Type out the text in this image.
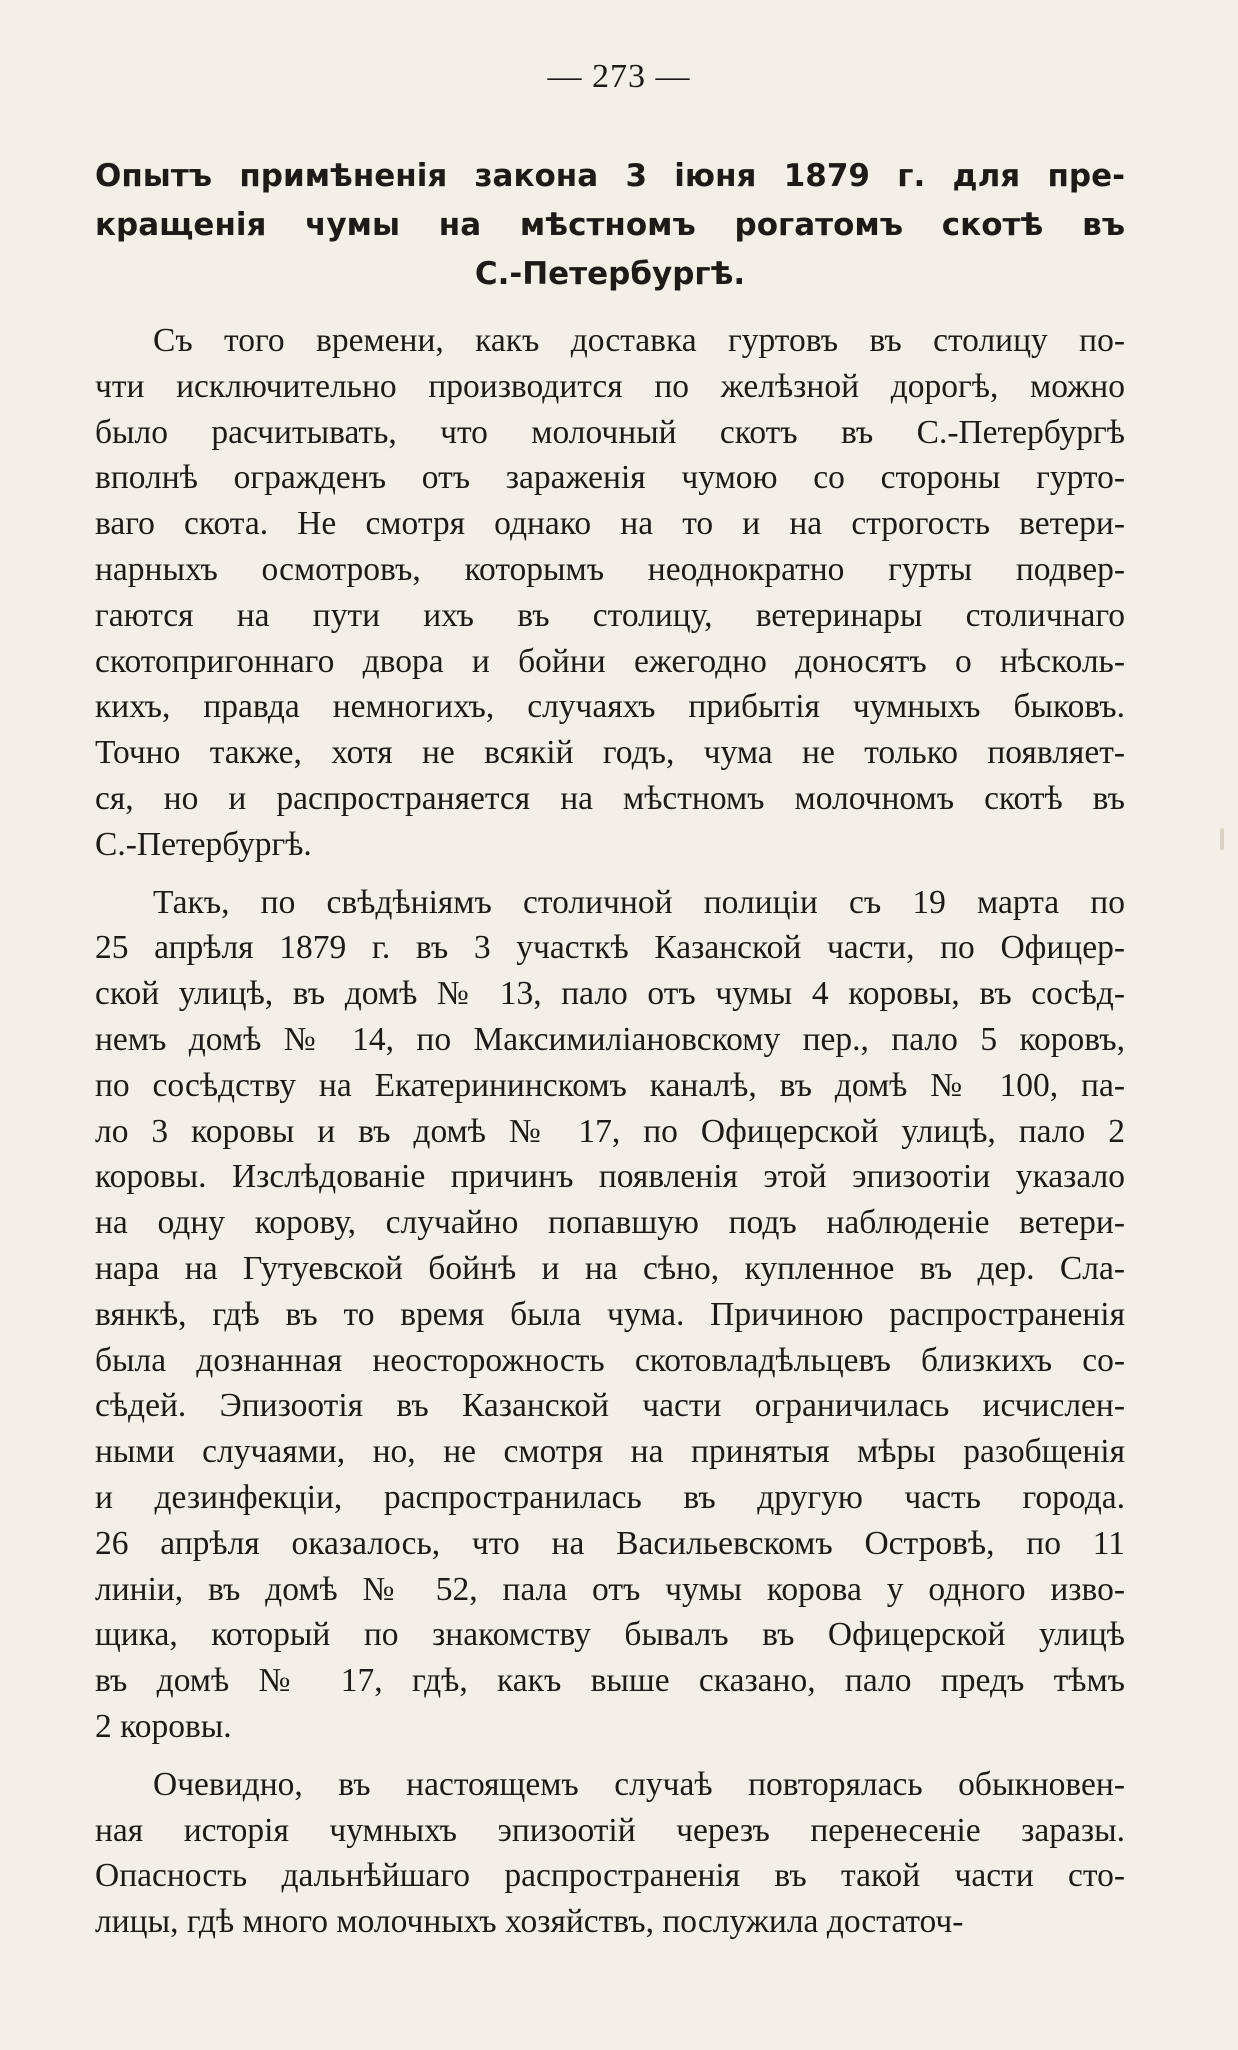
— 273 —
Опытъ примѣненія закона 3 іюня 1879 г. для пре-
кращенія чумы на мѣстномъ рогатомъ скотѣ въ
С.-Петербургѣ.
Съ того времени, какъ доставка гуртовъ въ столицу по-
чти исключительно производится по желѣзной дорогѣ, можно
было расчитывать, что молочный скотъ въ С.-Петербургѣ
вполнѣ огражденъ отъ зараженія чумою со стороны гурто-
ваго скота. Не смотря однако на то и на строгость ветери-
нарныхъ осмотровъ, которымъ неоднократно гурты подвер-
гаются на пути ихъ въ столицу, ветеринары столичнаго
скотопригоннаго двора и бойни ежегодно доносятъ о нѣсколь-
кихъ, правда немногихъ, случаяхъ прибытія чумныхъ быковъ.
Точно также, хотя не всякій годъ, чума не только появляет-
ся, но и распространяется на мѣстномъ молочномъ скотѣ въ
С.-Петербургѣ.
Такъ, по свѣдѣніямъ столичной полиціи съ 19 марта по
25 апрѣля 1879 г. въ 3 участкѣ Казанской части, по Офицер-
ской улицѣ, въ домѣ № 13, пало отъ чумы 4 коровы, въ сосѣд-
немъ домѣ № 14, по Максимиліановскому пер., пало 5 коровъ,
по сосѣдству на Екатерининскомъ каналѣ, въ домѣ № 100, па-
ло 3 коровы и въ домѣ № 17, по Офицерской улицѣ, пало 2
коровы. Изслѣдованіе причинъ появленія этой эпизоотіи указало
на одну корову, случайно попавшую подъ наблюденіе ветери-
нара на Гутуевской бойнѣ и на сѣно, купленное въ дер. Сла-
вянкѣ, гдѣ въ то время была чума. Причиною распространенія
была дознанная неосторожность скотовладѣльцевъ близкихъ со-
сѣдей. Эпизоотія въ Казанской части ограничилась исчислен-
ными случаями, но, не смотря на принятыя мѣры разобщенія
и дезинфекціи, распространилась въ другую часть города.
26 апрѣля оказалось, что на Васильевскомъ Островѣ, по 11
линіи, въ домѣ № 52, пала отъ чумы корова у одного изво-
щика, который по знакомству бывалъ въ Офицерской улицѣ
въ домѣ № 17, гдѣ, какъ выше сказано, пало предъ тѣмъ
2 коровы.
Очевидно, въ настоящемъ случаѣ повторялась обыкновен-
ная исторія чумныхъ эпизоотій черезъ перенесеніе заразы.
Опасность дальнѣйшаго распространенія въ такой части сто-
лицы, гдѣ много молочныхъ хозяйствъ, послужила достаточ-
